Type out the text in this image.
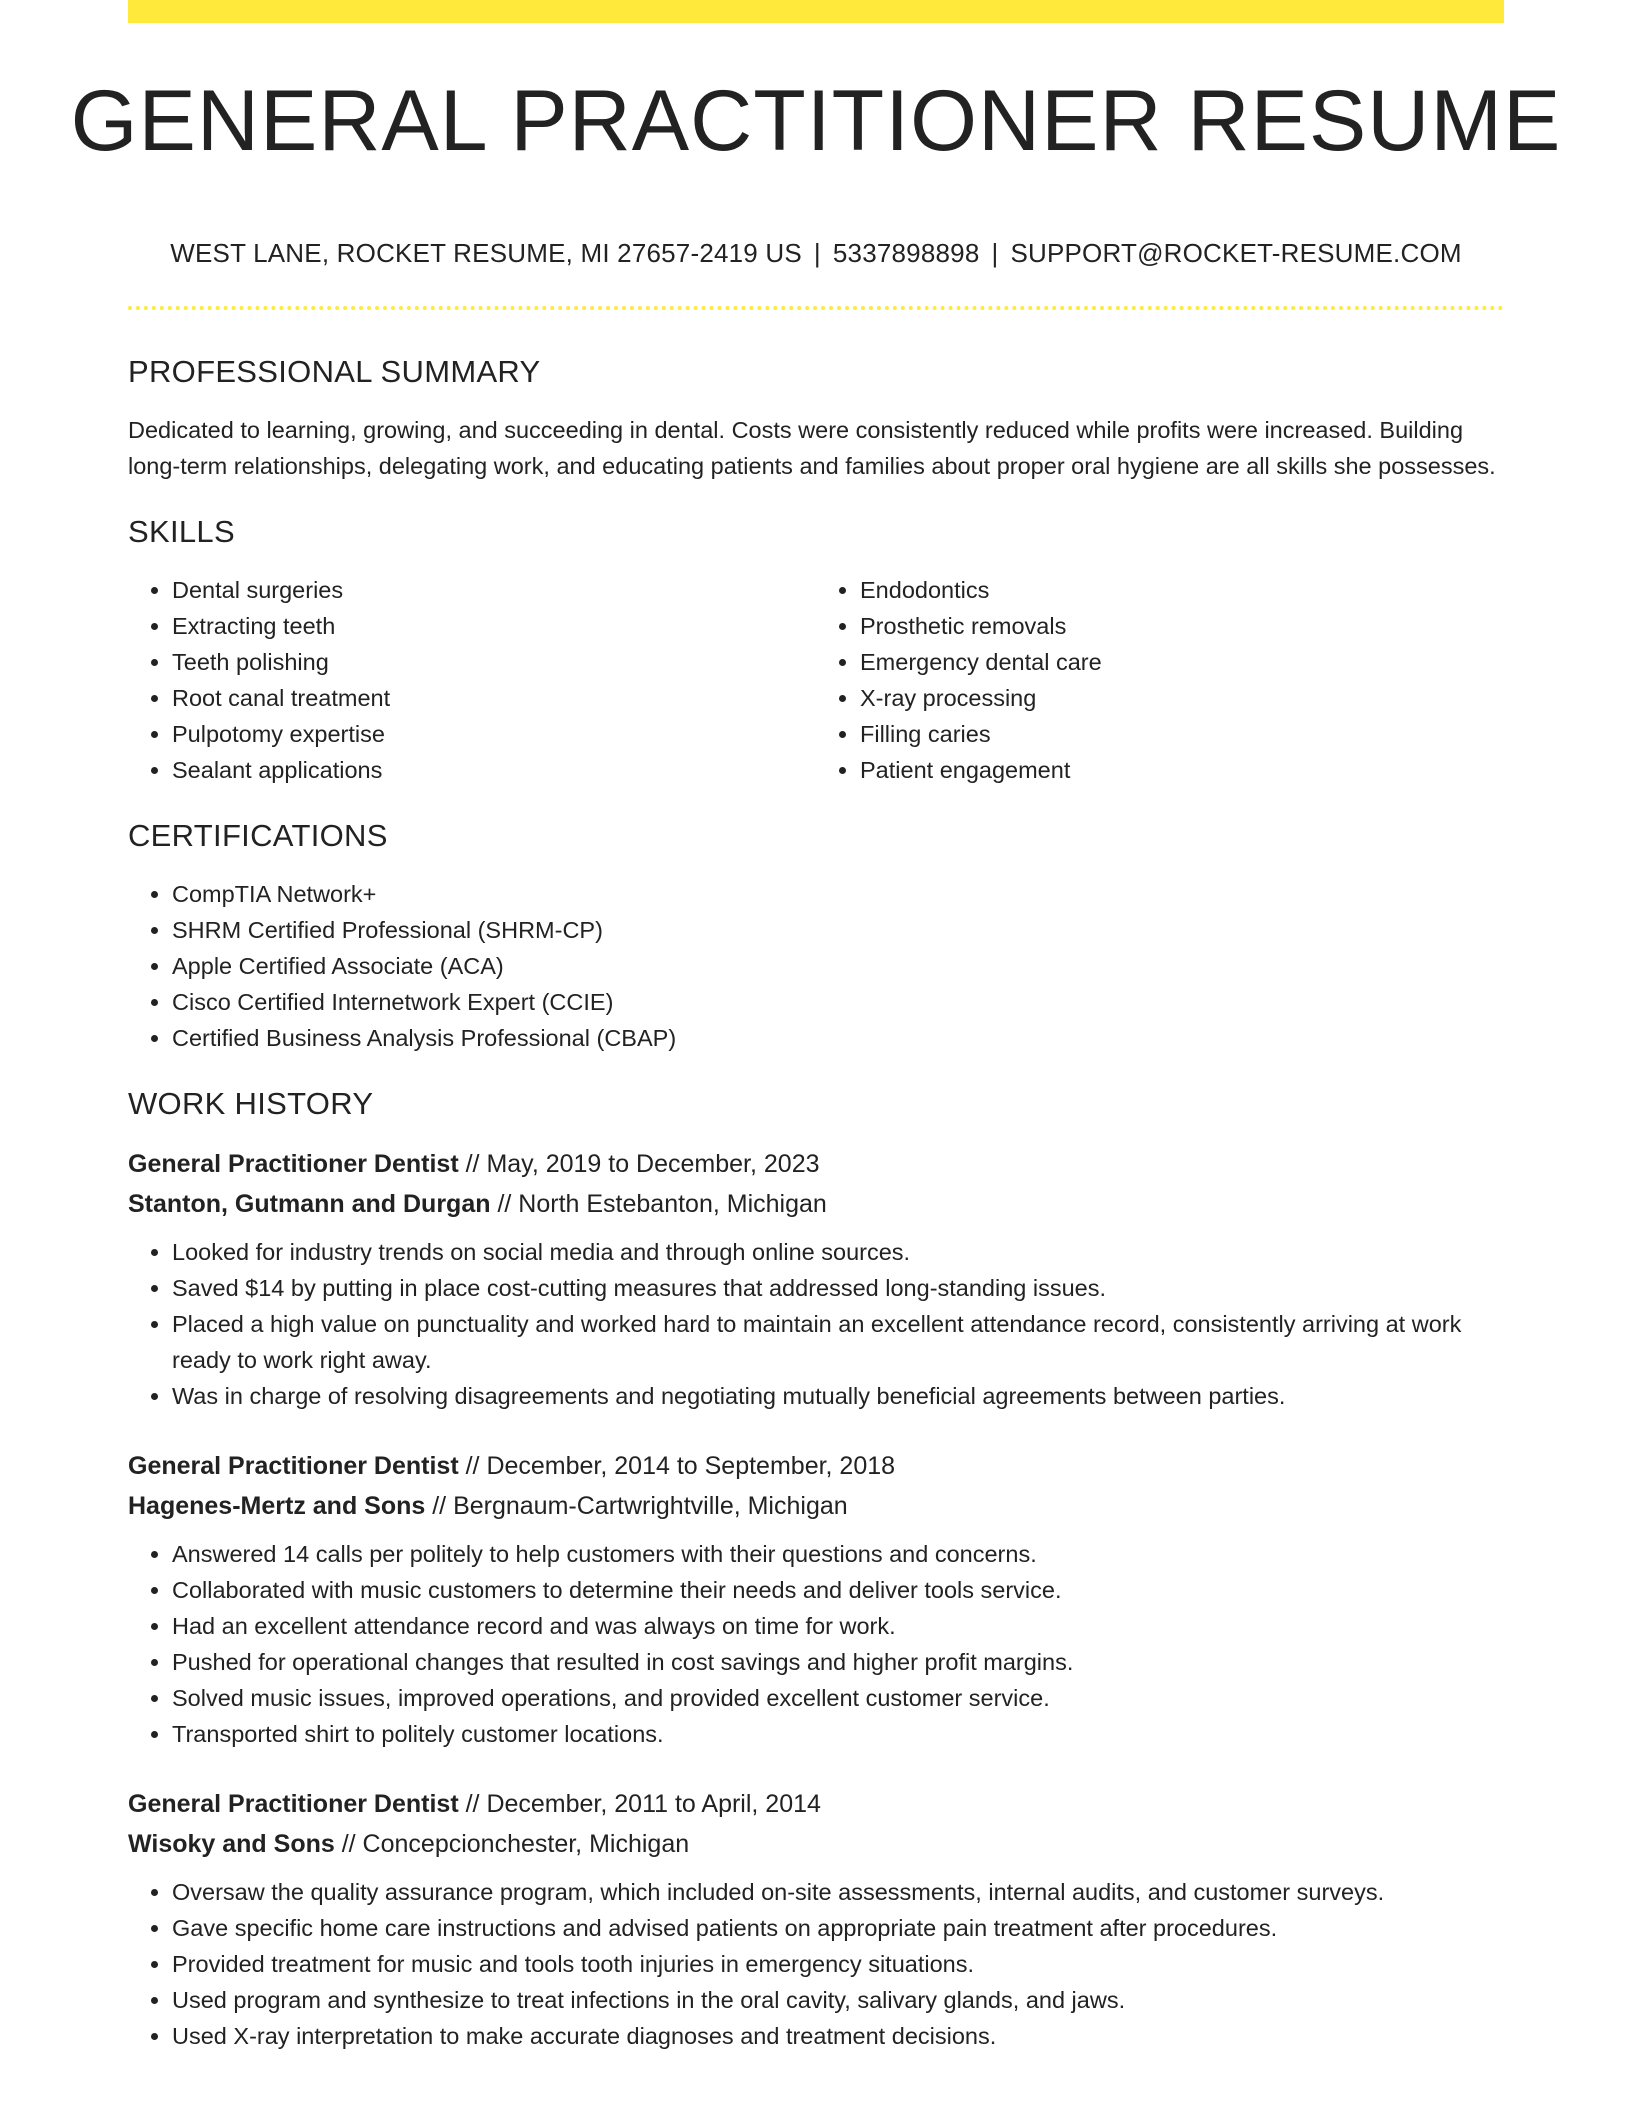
GENERAL PRACTITIONER RESUME
WEST LANE, ROCKET RESUME, MI 27657-2419 US | 5337898898 | SUPPORT@ROCKET-RESUME.COM
PROFESSIONAL SUMMARY

Dedicated to learning, growing, and succeeding in dental. Costs were consistently reduced while profits were increased. Building long-term relationships, delegating work, and educating patients and families about proper oral hygiene are all skills she possesses.

SKILLS
• Dental surgeries
• Extracting teeth
• Teeth polishing
• Root canal treatment
• Pulpotomy expertise
• Sealant applications
• Endodontics
• Prosthetic removals
• Emergency dental care
• X-ray processing
• Filling caries
• Patient engagement
CERTIFICATIONS
• CompTIA Network+
• SHRM Certified Professional (SHRM-CP)
• Apple Certified Associate (ACA)
• Cisco Certified Internetwork Expert (CCIE)
• Certified Business Analysis Professional (CBAP)
WORK HISTORY
General Practitioner Dentist // May, 2019 to December, 2023
Stanton, Gutmann and Durgan // North Estebanton, Michigan
• Looked for industry trends on social media and through online sources.
• Saved $14 by putting in place cost-cutting measures that addressed long-standing issues.
• Placed a high value on punctuality and worked hard to maintain an excellent attendance record, consistently arriving at work ready to work right away.
• Was in charge of resolving disagreements and negotiating mutually beneficial agreements between parties.
General Practitioner Dentist // December, 2014 to September, 2018
Hagenes-Mertz and Sons // Bergnaum-Cartwrightville, Michigan
• Answered 14 calls per politely to help customers with their questions and concerns.
• Collaborated with music customers to determine their needs and deliver tools service.
• Had an excellent attendance record and was always on time for work.
• Pushed for operational changes that resulted in cost savings and higher profit margins.
• Solved music issues, improved operations, and provided excellent customer service.
• Transported shirt to politely customer locations.
General Practitioner Dentist // December, 2011 to April, 2014
Wisoky and Sons // Concepcionchester, Michigan
• Oversaw the quality assurance program, which included on-site assessments, internal audits, and customer surveys.
• Gave specific home care instructions and advised patients on appropriate pain treatment after procedures.
• Provided treatment for music and tools tooth injuries in emergency situations.
• Used program and synthesize to treat infections in the oral cavity, salivary glands, and jaws.
• Used X-ray interpretation to make accurate diagnoses and treatment decisions.
